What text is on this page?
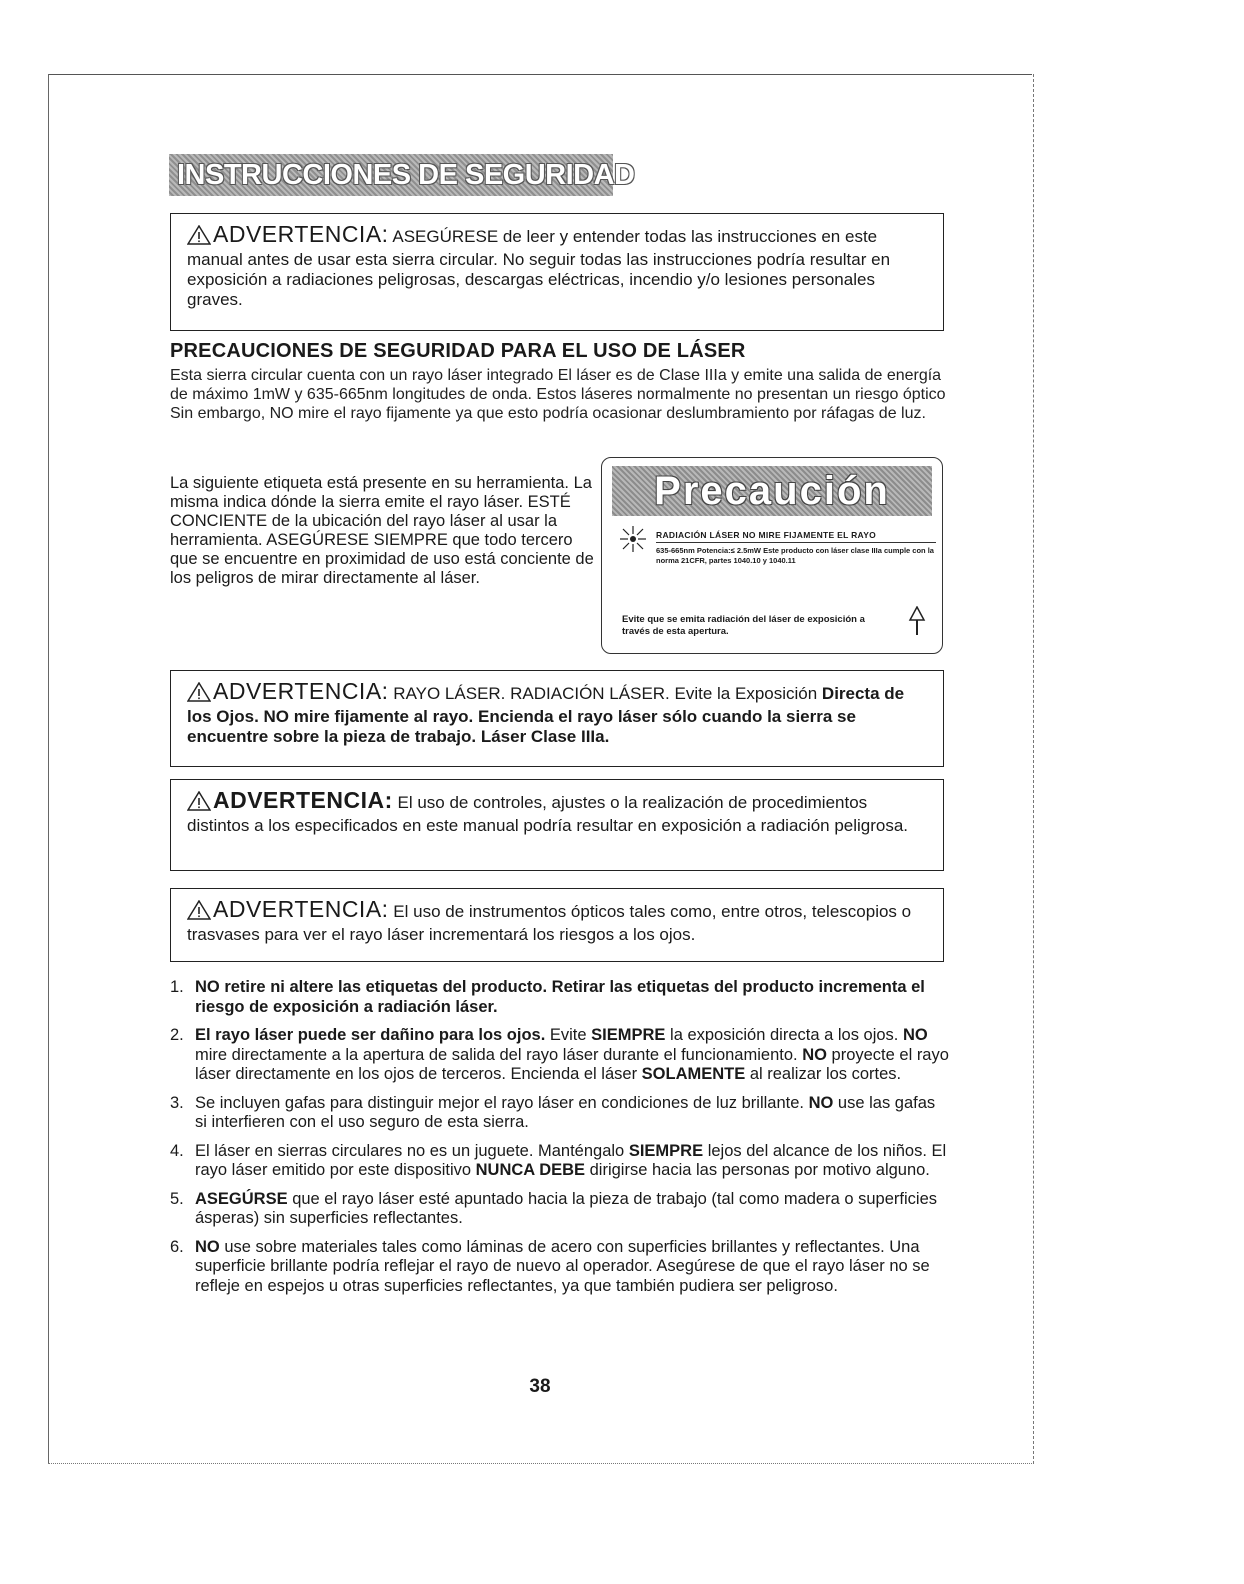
INSTRUCCIONES DE SEGURIDAD
ADVERTENCIA: ASEGÚRESE de leer y entender todas las instrucciones en este manual antes de usar esta sierra circular. No seguir todas las instrucciones podría resultar en exposición a radiaciones peligrosas, descargas eléctricas, incendio y/o lesiones personales graves.
PRECAUCIONES DE SEGURIDAD PARA EL USO DE LÁSER
Esta sierra circular cuenta con un rayo láser integrado El láser es de Clase IIIa y emite una salida de energía de máximo 1mW y 635-665nm longitudes de onda. Estos láseres normalmente no presentan un riesgo óptico Sin embargo, NO mire el rayo fijamente ya que esto podría ocasionar deslumbramiento por ráfagas de luz.
La siguiente etiqueta está presente en su herramienta. La misma indica dónde la sierra emite el rayo láser. ESTÉ CONCIENTE de la ubicación del rayo láser al usar la herramienta. ASEGÚRESE SIEMPRE que todo tercero que se encuentre en proximidad de uso está conciente de los peligros de mirar directamente al láser.
Precaución
RADIACIÓN LÁSER NO MIRE FIJAMENTE EL RAYO
635-665nm Potencia:≤ 2.5mW Este producto con láser clase IIIa cumple con la norma 21CFR, partes 1040.10 y 1040.11
Evite que se emita radiación del láser de exposición a través de esta apertura.
ADVERTENCIA: RAYO LÁSER. RADIACIÓN LÁSER. Evite la Exposición Directa de los Ojos. NO mire fijamente al rayo. Encienda el rayo láser sólo cuando la sierra se encuentre sobre la pieza de trabajo. Láser Clase IIIa.
ADVERTENCIA: El uso de controles, ajustes o la realización de procedimientos distintos a los especificados en este manual podría resultar en exposición a radiación peligrosa.
ADVERTENCIA: El uso de instrumentos ópticos tales como, entre otros, telescopios o trasvases para ver el rayo láser incrementará los riesgos a los ojos.
1. NO retire ni altere las etiquetas del producto. Retirar las etiquetas del producto incrementa el riesgo de exposición a radiación láser.
2. El rayo láser puede ser dañino para los ojos. Evite SIEMPRE la exposición directa a los ojos. NO mire directamente a la apertura de salida del rayo láser durante el funcionamiento. NO proyecte el rayo láser directamente en los ojos de terceros. Encienda el láser SOLAMENTE al realizar los cortes.
3. Se incluyen gafas para distinguir mejor el rayo láser en condiciones de luz brillante. NO use las gafas si interfieren con el uso seguro de esta sierra.
4. El láser en sierras circulares no es un juguete. Manténgalo SIEMPRE lejos del alcance de los niños. El rayo láser emitido por este dispositivo NUNCA DEBE dirigirse hacia las personas por motivo alguno.
5. ASEGÚRSE que el rayo láser esté apuntado hacia la pieza de trabajo (tal como madera o superficies ásperas) sin superficies reflectantes.
6. NO use sobre materiales tales como láminas de acero con superficies brillantes y reflectantes. Una superficie brillante podría reflejar el rayo de nuevo al operador. Asegúrese de que el rayo láser no se refleje en espejos u otras superficies reflectantes, ya que también pudiera ser peligroso.
38
